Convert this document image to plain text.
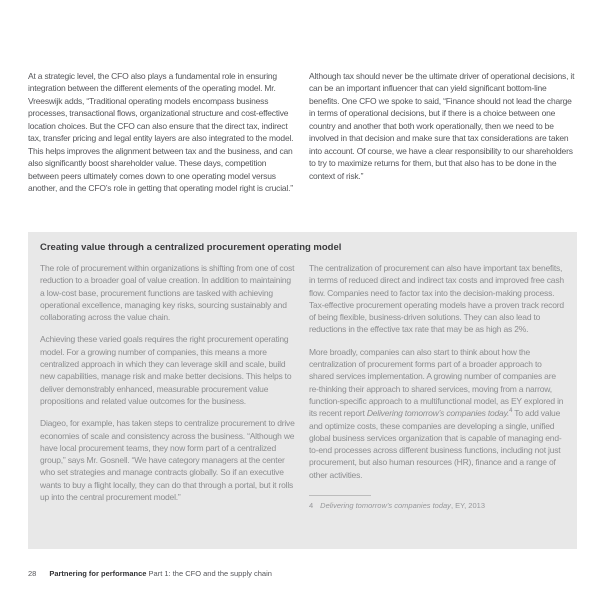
At a strategic level, the CFO also plays a fundamental role in ensuring integration between the different elements of the operating model. Mr. Vreeswijk adds, “Traditional operating models encompass business processes, transactional flows, organizational structure and cost-effective location choices. But the CFO can also ensure that the direct tax, indirect tax, transfer pricing and legal entity layers are also integrated to the model. This helps improves the alignment between tax and the business, and can also significantly boost shareholder value. These days, competition between peers ultimately comes down to one operating model versus another, and the CFO’s role in getting that operating model right is crucial.”

Although tax should never be the ultimate driver of operational decisions, it can be an important influencer that can yield significant bottom-line benefits. One CFO we spoke to said, “Finance should not lead the charge in terms of operational decisions, but if there is a choice between one country and another that both work operationally, then we need to be involved in that decision and make sure that tax considerations are taken into account. Of course, we have a clear responsibility to our shareholders to try to maximize returns for them, but that also has to be done in the context of risk.”

Creating value through a centralized procurement operating model

The role of procurement within organizations is shifting from one of cost reduction to a broader goal of value creation. In addition to maintaining a low-cost base, procurement functions are tasked with achieving operational excellence, managing key risks, sourcing sustainably and collaborating across the value chain.

Achieving these varied goals requires the right procurement operating model. For a growing number of companies, this means a more centralized approach in which they can leverage skill and scale, build new capabilities, manage risk and make better decisions. This helps to deliver demonstrably enhanced, measurable procurement value propositions and related value outcomes for the business.

Diageo, for example, has taken steps to centralize procurement to drive economies of scale and consistency across the business. “Although we have local procurement teams, they now form part of a centralized group,” says Mr. Gosnell. “We have category managers at the center who set strategies and manage contracts globally. So if an executive wants to buy a flight locally, they can do that through a portal, but it rolls up into the central procurement model.”

The centralization of procurement can also have important tax benefits, in terms of reduced direct and indirect tax costs and improved free cash flow. Companies need to factor tax into the decision-making process. Tax-effective procurement operating models have a proven track record of being flexible, business-driven solutions. They can also lead to reductions in the effective tax rate that may be as high as 2%.

More broadly, companies can also start to think about how the centralization of procurement forms part of a broader approach to shared services implementation. A growing number of companies are re-thinking their approach to shared services, moving from a narrow, function-specific approach to a multifunctional model, as EY explored in its recent report Delivering tomorrow’s companies today.$^4$ To add value and optimize costs, these companies are developing a single, unified global business services organization that is capable of managing end-to-end processes across different business functions, including not just procurement, but also human resources (HR), finance and a range of other activities.

4 Delivering tomorrow’s companies today, EY, 2013
28 Partnering for performance Part 1: the CFO and the supply chain
